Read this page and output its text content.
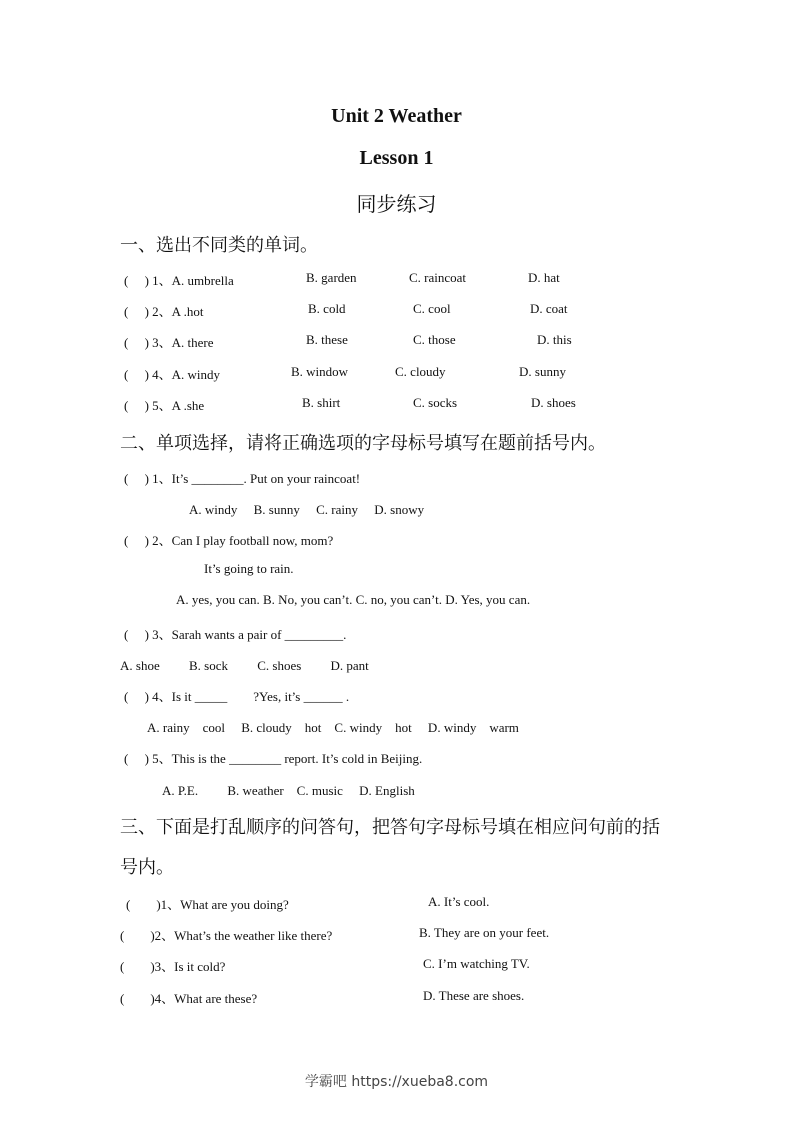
Unit 2 Weather
Lesson 1
同步练习
一、选出不同类的单词。
(　 ) 1、A. umbrella	B. garden	C. raincoat	D. hat
(　 ) 2、A .hot	B. cold	C. cool	D. coat
(　 ) 3、A. there	B. these	C. those	D. this
(　 ) 4、A. windy	B. window	C. cloudy	D. sunny
(　 ) 5、A .she	B. shirt	C. socks	D. shoes
二、单项选择，请将正确选项的字母标号填写在题前括号内。
(　 ) 1、It’s ________. Put on your raincoat!
A. windy　 B. sunny　 C. rainy　 D. snowy
(　 ) 2、Can I play football now, mom?
It’s going to rain.
A. yes, you can. B. No, you can’t. C. no, you can’t. D. Yes, you can.
(　 ) 3、Sarah wants a pair of _________.
A. shoe　　 B. sock　　 C. shoes　　 D. pant
(　 ) 4、Is it _____　　?Yes, it’s ______ .
A. rainy　cool　 B. cloudy　hot　C. windy　hot　 D. windy　warm
(　 ) 5、This is the ________ report. It’s cold in Beijing.
A. P.E.　　 B. weather　C. music　 D. English
三、下面是打乱顺序的问答句，把答句字母标号填在相应问句前的括
号内。
(　　)1、What are you doing?	A. It’s cool.
(　　)2、What’s the weather like there?	B. They are on your feet.
(　　)3、Is it cold?	C. I’m watching TV.
(　　)4、What are these?	D. These are shoes.
学霸吧 https://xueba8.com
